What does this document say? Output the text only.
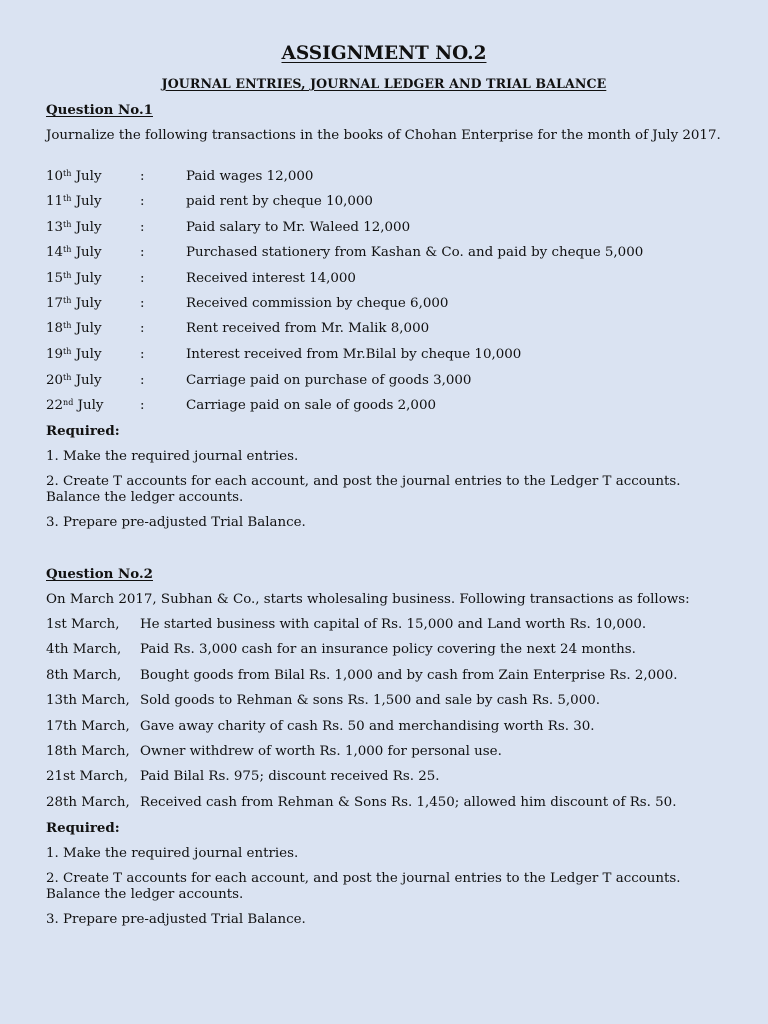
ASSIGNMENT NO.2
JOURNAL ENTRIES, JOURNAL LEDGER AND TRIAL BALANCE
Question No.1
Journalize the following transactions in the books of Chohan Enterprise for the month of July 2017.
10th July	:	Paid wages 12,000
11th July	:	paid rent by cheque 10,000
13th July	:	Paid salary to Mr. Waleed 12,000
14th July	:	Purchased stationery from Kashan & Co. and paid by cheque 5,000
15th July	:	Received interest 14,000
17th July	:	Received commission by cheque 6,000
18th July	:	Rent received from Mr. Malik 8,000
19th July	:	Interest received from Mr.Bilal by cheque 10,000
20th July	:	Carriage paid on purchase of goods 3,000
22nd July	:	Carriage paid on sale of goods 2,000
Required:
1. Make the required journal entries.
2. Create T accounts for each account, and post the journal entries to the Ledger T accounts. Balance the ledger accounts.
3. Prepare pre-adjusted Trial Balance.
Question No.2
On March 2017, Subhan & Co., starts wholesaling business. Following transactions as follows:
1st March, He started business with capital of Rs. 15,000 and Land worth Rs. 10,000.
4th March, Paid Rs. 3,000 cash for an insurance policy covering the next 24 months.
8th March, Bought goods from Bilal Rs. 1,000 and by cash from Zain Enterprise Rs. 2,000.
13th March, Sold goods to Rehman & sons Rs. 1,500 and sale by cash Rs. 5,000.
17th March, Gave away charity of cash Rs. 50 and merchandising worth Rs. 30.
18th March, Owner withdrew of worth Rs. 1,000 for personal use.
21st March, Paid Bilal Rs. 975; discount received Rs. 25.
28th March, Received cash from Rehman & Sons Rs. 1,450; allowed him discount of Rs. 50.
Required:
1. Make the required journal entries.
2. Create T accounts for each account, and post the journal entries to the Ledger T accounts. Balance the ledger accounts.
3. Prepare pre-adjusted Trial Balance.
